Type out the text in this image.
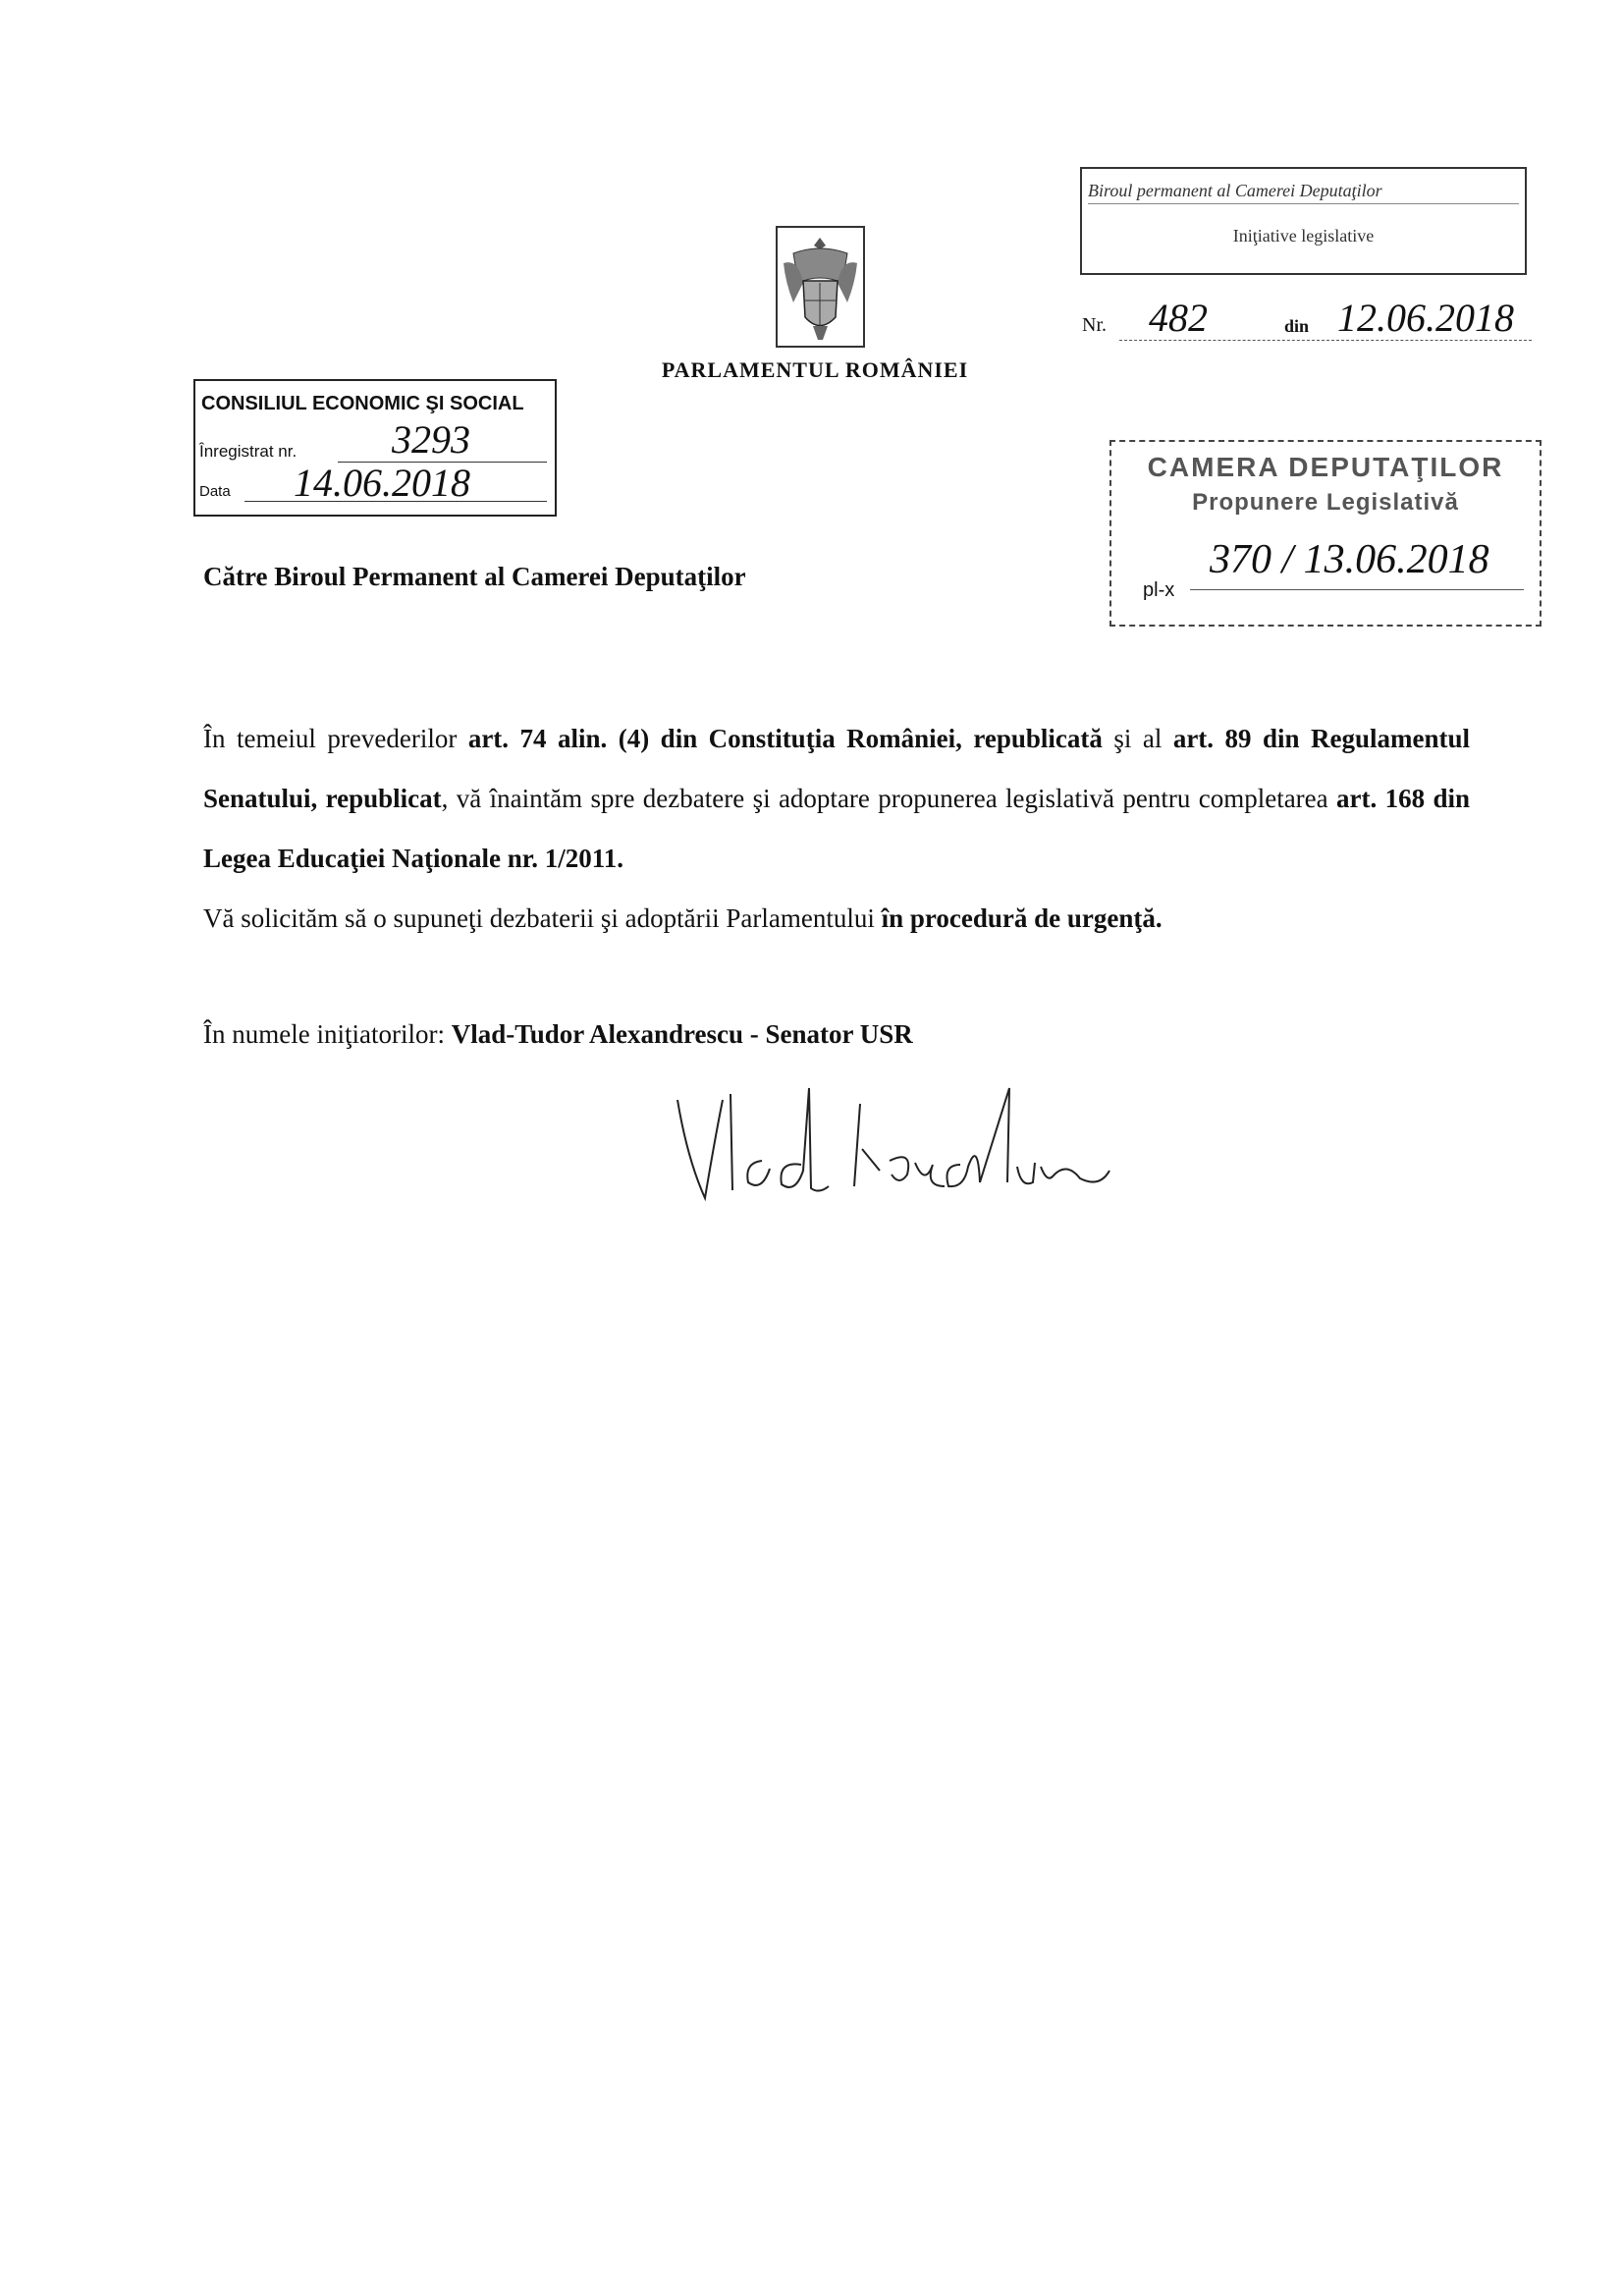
PARLAMENTUL ROMÂNIEI
Biroul permanent al Camerei Deputaţilor
Iniţiative legislative
Nr. 482	din 12.06.2018
CONSILIUL ECONOMIC ŞI SOCIAL
Înregistrat nr. 3293
Data 14.06.2018	CAMERA DEPUTAŢILOR
Propunere Legislativă
pl-x
370 / 13.06.2018
Către Biroul Permanent al Camerei Deputaţilor
În temeiul prevederilor art. 74 alin. (4) din Constituţia României, republicată şi al art. 89 din Regulamentul Senatului, republicat, vă înaintăm spre dezbatere şi adoptare propunerea legislativă pentru completarea art. 168 din Legea Educaţiei Naţionale nr. 1/2011.
Vă solicităm să o supuneţi dezbaterii şi adoptării Parlamentului în procedură de urgenţă.
În numele iniţiatorilor: Vlad-Tudor Alexandrescu - Senator USR
